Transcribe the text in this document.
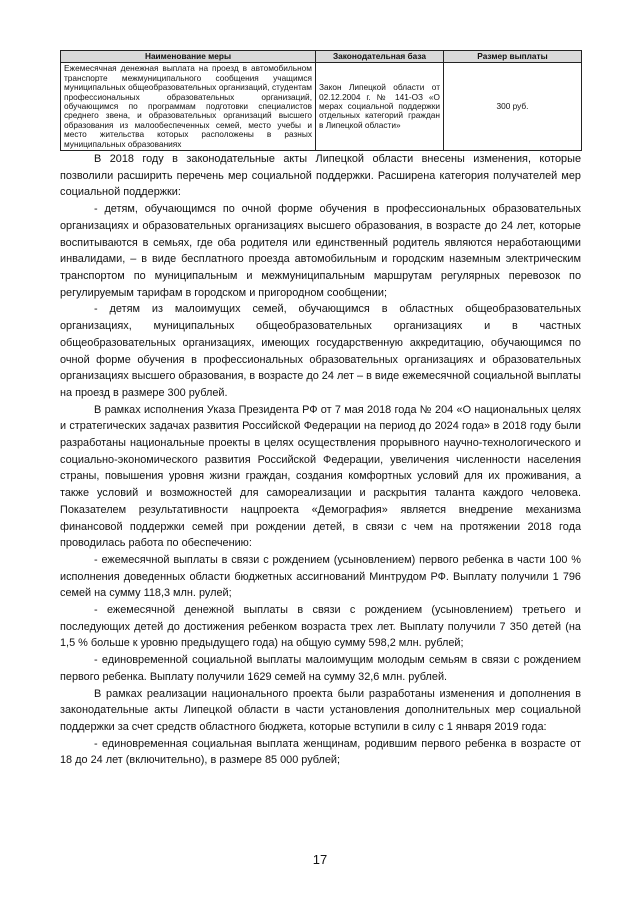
Наименование меры	Законодательная база	Размер выплаты
Ежемесячная денежная выплата на проезд в автомобильном транспорте межмуниципального сообщения учащимся муниципальных общеобразовательных организаций, студентам профессиональных образовательных организаций, обучающимся по программам подготовки специалистов среднего звена, и образовательных организаций высшего образования из малообеспеченных семей, место учебы и место жительства которых расположены в разных муниципальных образованиях	Закон Липецкой области от 02.12.2004 г. № 141-ОЗ «О мерах социальной поддержки отдельных категорий граждан в Липецкой области»	300 руб.

В 2018 году в законодательные акты Липецкой области внесены изменения, которые позволили расширить перечень мер социальной поддержки. Расширена категория получателей мер социальной поддержки:

- детям, обучающимся по очной форме обучения в профессиональных образовательных организациях и образовательных организациях высшего образования, в возрасте до 24 лет, которые воспитываются в семьях, где оба родителя или единственный родитель являются неработающими инвалидами, – в виде бесплатного проезда автомобильным и городским наземным электрическим транспортом по муниципальным и межмуниципальным маршрутам регулярных перевозок по регулируемым тарифам в городском и пригородном сообщении;

- детям из малоимущих семей, обучающимся в областных общеобразовательных организациях, муниципальных общеобразовательных организациях и в частных общеобразовательных организациях, имеющих государственную аккредитацию, обучающимся по очной форме обучения в профессиональных образовательных организациях и образовательных организациях высшего образования, в возрасте до 24 лет – в виде ежемесячной социальной выплаты на проезд в размере 300 рублей.

В рамках исполнения Указа Президента РФ от 7 мая 2018 года № 204 «О национальных целях и стратегических задачах развития Российской Федерации на период до 2024 года» в 2018 году были разработаны национальные проекты в целях осуществления прорывного научно-технологического и социально-экономического развития Российской Федерации, увеличения численности населения страны, повышения уровня жизни граждан, создания комфортных условий для их проживания, а также условий и возможностей для самореализации и раскрытия таланта каждого человека. Показателем результативности нацпроекта «Демография» является внедрение механизма финансовой поддержки семей при рождении детей, в связи с чем на протяжении 2018 года проводилась работа по обеспечению:

- ежемесячной выплаты в связи с рождением (усыновлением) первого ребенка в части 100 % исполнения доведенных области бюджетных ассигнований Минтрудом РФ. Выплату получили 1 796 семей на сумму 118,3 млн. рулей;

- ежемесячной денежной выплаты в связи с рождением (усыновлением) третьего и последующих детей до достижения ребенком возраста трех лет. Выплату получили 7 350 детей (на 1,5 % больше к уровню предыдущего года) на общую сумму 598,2 млн. рублей;

- единовременной социальной выплаты малоимущим молодым семьям в связи с рождением первого ребенка. Выплату получили 1629 семей на сумму 32,6 млн. рублей.

В рамках реализации национального проекта были разработаны изменения и дополнения в законодательные акты Липецкой области в части установления дополнительных мер социальной поддержки за счет средств областного бюджета, которые вступили в силу с 1 января 2019 года:

- единовременная социальная выплата женщинам, родившим первого ребенка в возрасте от 18 до 24 лет (включительно), в размере 85 000 рублей;

17
